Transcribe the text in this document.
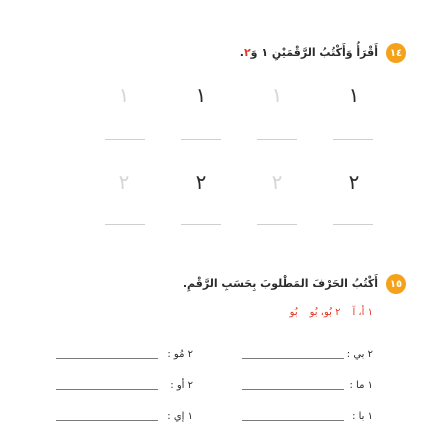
١٤
أَقْرَأُ وَأَكْتُبُ الرَّقْمَيْنِ ١ وَ٢.
١
١
١
١
٢
٢
٢
٢
١٥
أَكْتُبُ الحَرْفَ المَطْلوبَ بِحَسَبِ الرَّقْمِ.
١ أ، آ٢ بُو، بُوبُو
٢ بي :
١ ما :
١ با :
٢ مُو :
٢ أو :
١ إي :
